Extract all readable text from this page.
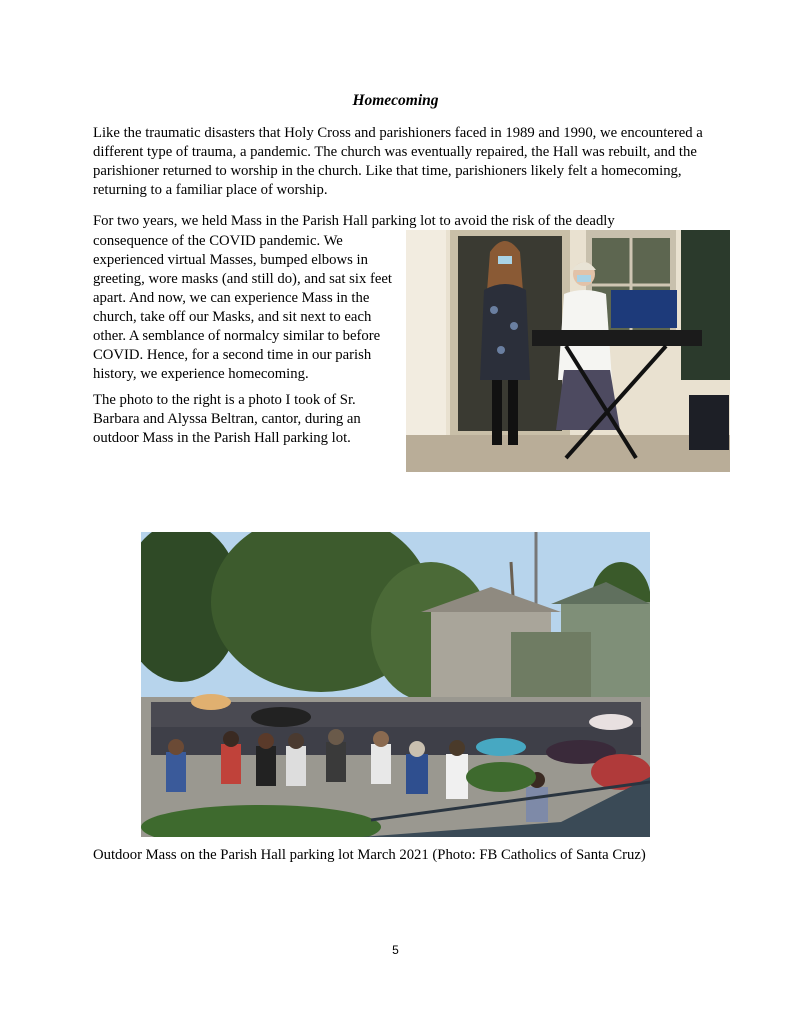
Homecoming

Like the traumatic disasters that Holy Cross and parishioners faced in 1989 and 1990, we encountered a different type of trauma, a pandemic. The church was eventually repaired, the Hall was rebuilt, and the parishioner returned to worship in the church. Like that time, parishioners likely felt a homecoming, returning to a familiar place of worship.

For two years, we held Mass in the Parish Hall parking lot to avoid the risk of the deadly

consequence of the COVID pandemic. We experienced virtual Masses, bumped elbows in greeting, wore masks (and still do), and sat six feet apart. And now, we can experience Mass in the church, take off our Masks, and sit next to each other. A semblance of normalcy similar to before COVID. Hence, for a second time in our parish history, we experience homecoming.

The photo to the right is a photo I took of Sr. Barbara and Alyssa Beltran, cantor, during an outdoor Mass in the Parish Hall parking lot.

Outdoor Mass on the Parish Hall parking lot March 2021 (Photo: FB Catholics of Santa Cruz)
5
